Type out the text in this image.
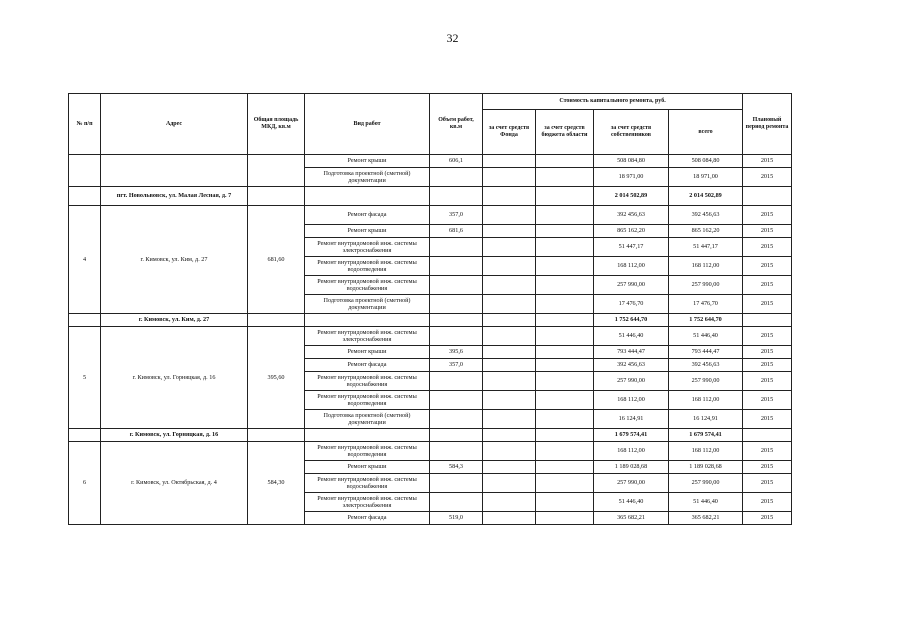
32
№ п/п	Адрес	Общая площадь МКД, кв.м	Вид работ	Объем работ, кв.м	Стоимость капитального ремонта, руб.				Плановый период ремонта
					за счет средств Фонда	за счет средств бюджета области	за счет средств собственников	всего	
			Ремонт крыши	606,1			508 084,80	508 084,80	2015
			Подготовка проектной (сметной) документации				18 971,00	18 971,00	2015
	пгт. Новольвовск, ул. Малая Лесная, д. 7						2 014 502,89	2 014 502,89	
4	г. Кимовск, ул. Ким, д. 27	681,60	Ремонт фасада	357,0			392 456,63	392 456,63	2015
			Ремонт крыши	681,6			865 162,20	865 162,20	2015
			Ремонт внутридомовой инж. системы электроснабжения				51 447,17	51 447,17	2015
			Ремонт внутридомовой инж. системы водоотведения				168 112,00	168 112,00	2015
			Ремонт внутридомовой инж. системы водоснабжения				257 990,00	257 990,00	2015
			Подготовка проектной (сметной) документации				17 476,70	17 476,70	2015
	г. Кимовск, ул. Ким, д. 27						1 752 644,70	1 752 644,70	
5	г. Кимовск, ул. Горняцкая, д. 16	395,60	Ремонт внутридомовой инж. системы электроснабжения				51 446,40	51 446,40	2015
			Ремонт крыши	395,6			793 444,47	793 444,47	2015
			Ремонт фасада	357,0			392 456,63	392 456,63	2015
			Ремонт внутридомовой инж. системы водоснабжения				257 990,00	257 990,00	2015
			Ремонт внутридомовой инж. системы водоотведения				168 112,00	168 112,00	2015
			Подготовка проектной (сметной) документации				16 124,91	16 124,91	2015
	г. Кимовск, ул. Горняцкая, д. 16						1 679 574,41	1 679 574,41	
6	г. Кимовск, ул. Октябрьская, д. 4	584,30	Ремонт внутридомовой инж. системы водоотведения				168 112,00	168 112,00	2015
			Ремонт крыши	584,3			1 189 028,68	1 189 028,68	2015
			Ремонт внутридомовой инж. системы водоснабжения				257 990,00	257 990,00	2015
			Ремонт внутридомовой инж. системы электроснабжения				51 446,40	51 446,40	2015
			Ремонт фасада	519,0			365 682,21	365 682,21	2015
